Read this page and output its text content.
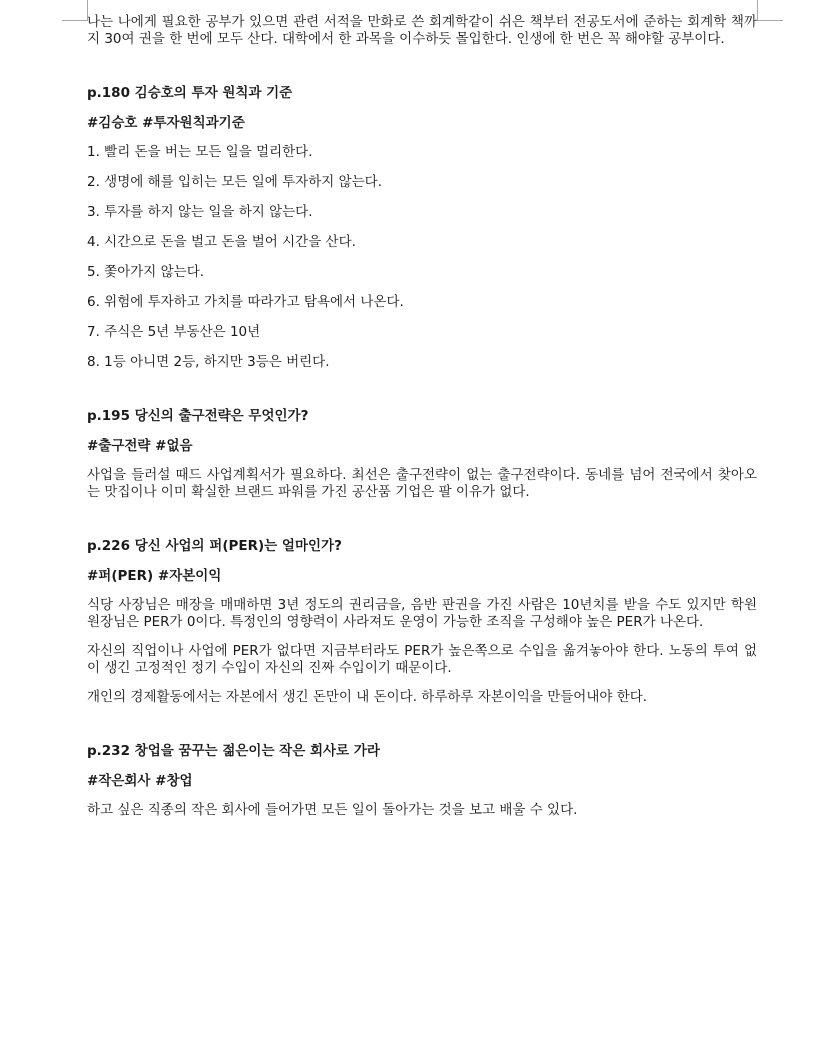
나는 나에게 필요한 공부가 있으면 관련 서적을 만화로 쓴 회계학같이 쉬은 책부터 전공도서에 준하는 회계학 책까지 30여 권을 한 번에 모두 산다. 대학에서 한 과목을 이수하듯 몰입한다. 인생에 한 번은 꼭 해야할 공부이다.

p.180 김승호의 투자 원칙과 기준

#김승호 #투자원칙과기준

1. 빨리 돈을 버는 모든 일을 멀리한다.

2. 생명에 해를 입히는 모든 일에 투자하지 않는다.

3. 투자를 하지 않는 일을 하지 않는다.

4. 시간으로 돈을 벌고 돈을 벌어 시간을 산다.

5. 쫓아가지 않는다.

6. 위험에 투자하고 가치를 따라가고 탐욕에서 나온다.

7. 주식은 5년 부동산은 10년

8. 1등 아니면 2등, 하지만 3등은 버린다.

p.195 당신의 출구전략은 무엇인가?

#출구전략 #없음

사업을 들러설 때드 사업계획서가 필요하다. 최선은 출구전략이 없는 출구전략이다. 동네를 넘어 전국에서 찾아오는 맛집이나 이미 확실한 브랜드 파워를 가진 공산품 기업은 팔 이유가 없다.

p.226 당신 사업의 퍼(PER)는 얼마인가?

#퍼(PER) #자본이익

식당 사장님은 매장을 매매하면 3년 정도의 권리금을, 음반 판권을 가진 사람은 10년치를 받을 수도 있지만 학원 원장님은 PER가 0이다. 특정인의 영향력이 사라져도 운영이 가능한 조직을 구성해야 높은 PER가 나온다.

자신의 직업이나 사업에 PER가 없다면 지금부터라도 PER가 높은쪽으로 수입을 옮겨놓아야 한다. 노동의 투여 없이 생긴 고정적인 정기 수입이 자신의 진짜 수입이기 때문이다.

개인의 경제활동에서는 자본에서 생긴 돈만이 내 돈이다. 하루하루 자본이익을 만들어내야 한다.

p.232 창업을 꿈꾸는 젊은이는 작은 회사로 가라

#작은회사 #창업

하고 싶은 직종의 작은 회사에 들어가면 모든 일이 돌아가는 것을 보고 배울 수 있다.
